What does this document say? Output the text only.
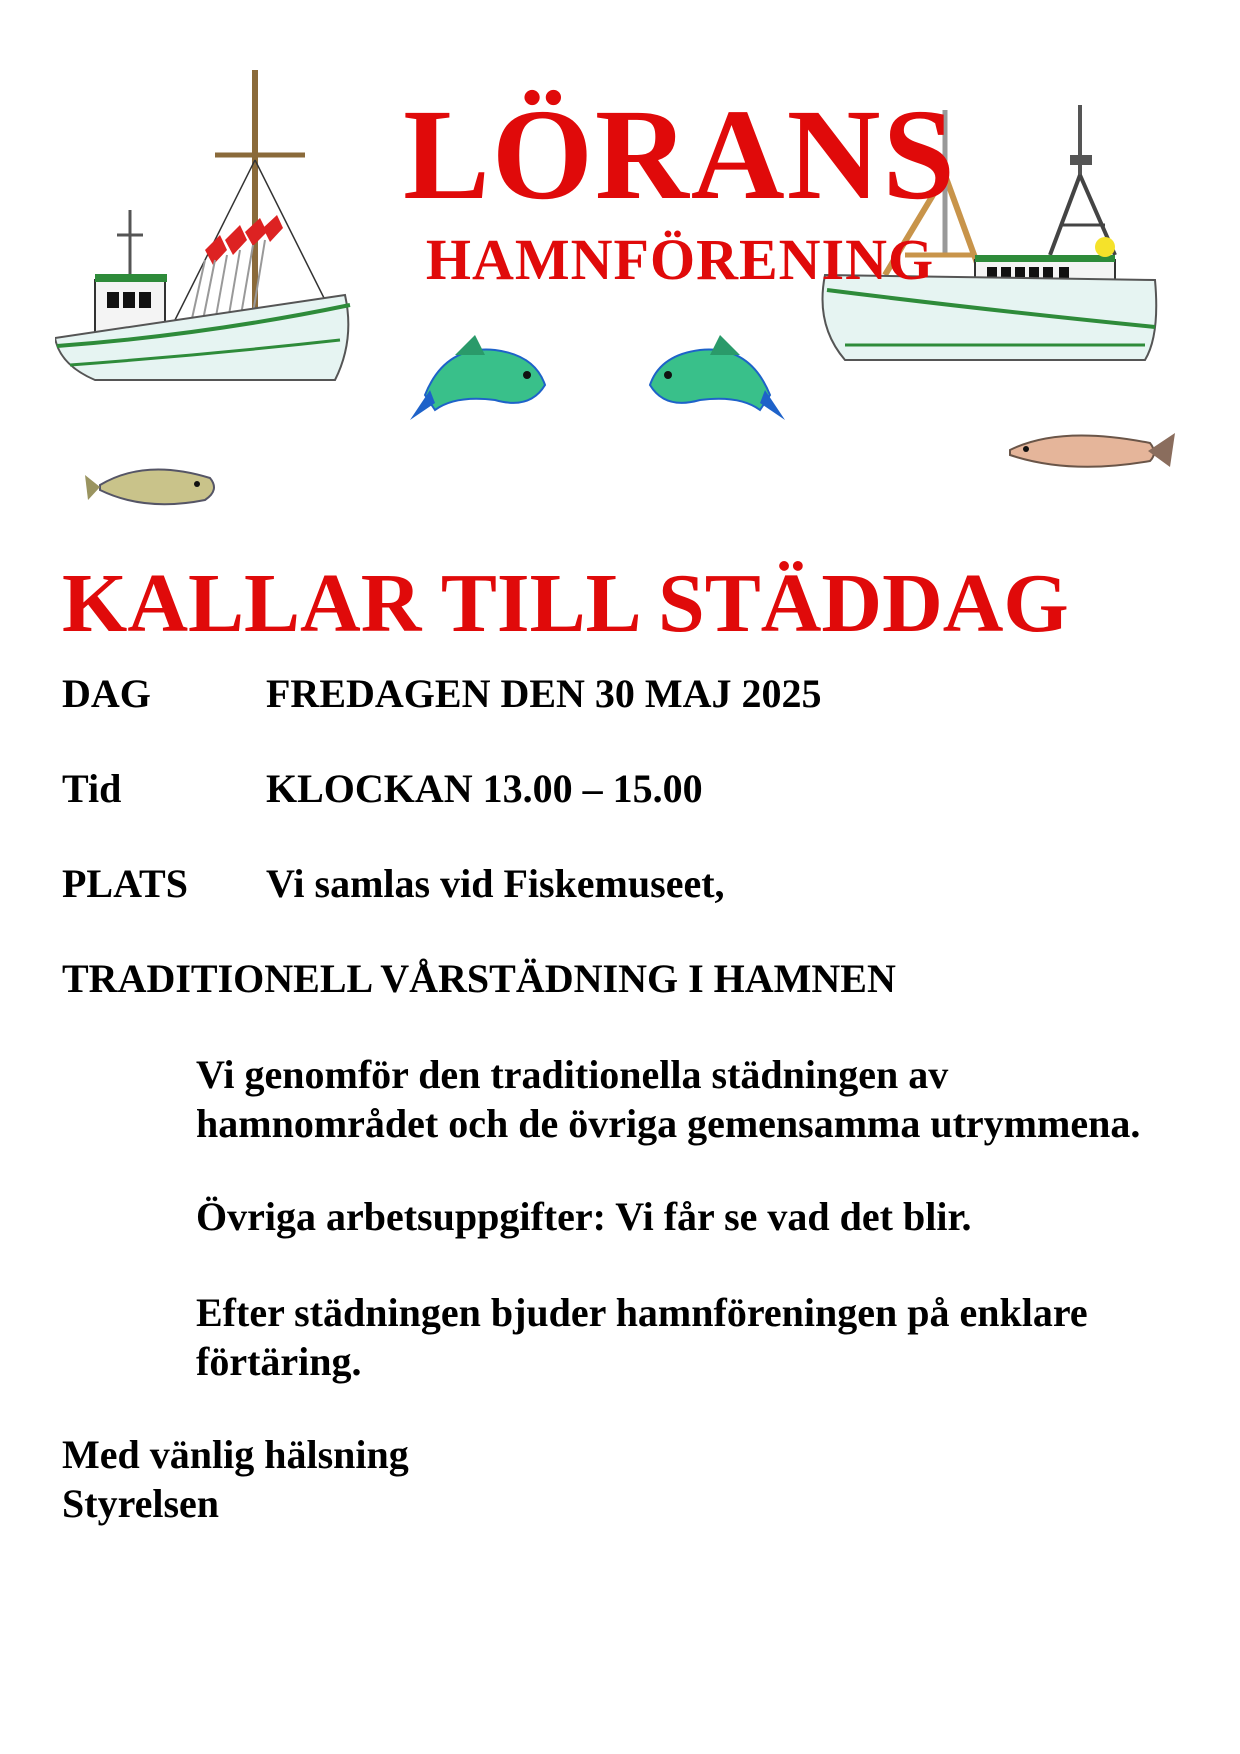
LÖRANS
HAMNFÖRENING
KALLAR TILL STÄDDAG
DAG	FREDAGEN DEN 30 MAJ 2025
Tid	KLOCKAN 13.00 – 15.00
PLATS Vi samlas vid Fiskemuseet,
TRADITIONELL VÅRSTÄDNING I HAMNEN
Vi genomför den traditionella städningen av hamnområdet och de övriga gemensamma utrymmena.
Övriga arbetsuppgifter: Vi får se vad det blir.
Efter städningen bjuder hamnföreningen på enklare förtäring.
Med vänlig hälsning
Styrelsen
